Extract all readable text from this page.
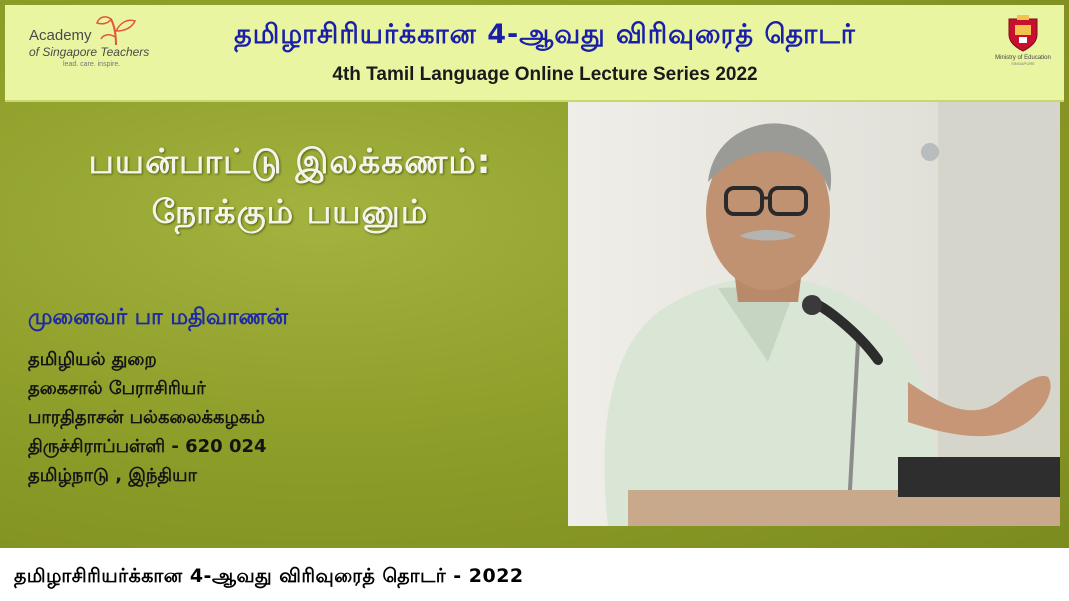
Academy
of Singapore Teachers
lead. care. inspire.
தமிழாசிரியர்க்கான 4-ஆவது விரிவுரைத் தொடர்
4th Tamil Language Online Lecture Series 2022
Ministry of Education
SINGAPORE
பயன்பாட்டு இலக்கணம்:
நோக்கும் பயனும்
முனைவர் பா மதிவாணன்
தமிழியல் துறை
தகைசால் பேராசிரியர்
பாரதிதாசன் பல்கலைக்கழகம்
திருச்சிராப்பள்ளி - 620 024
தமிழ்நாடு , இந்தியா
தமிழாசிரியர்க்கான 4-ஆவது விரிவுரைத் தொடர் - 2022
